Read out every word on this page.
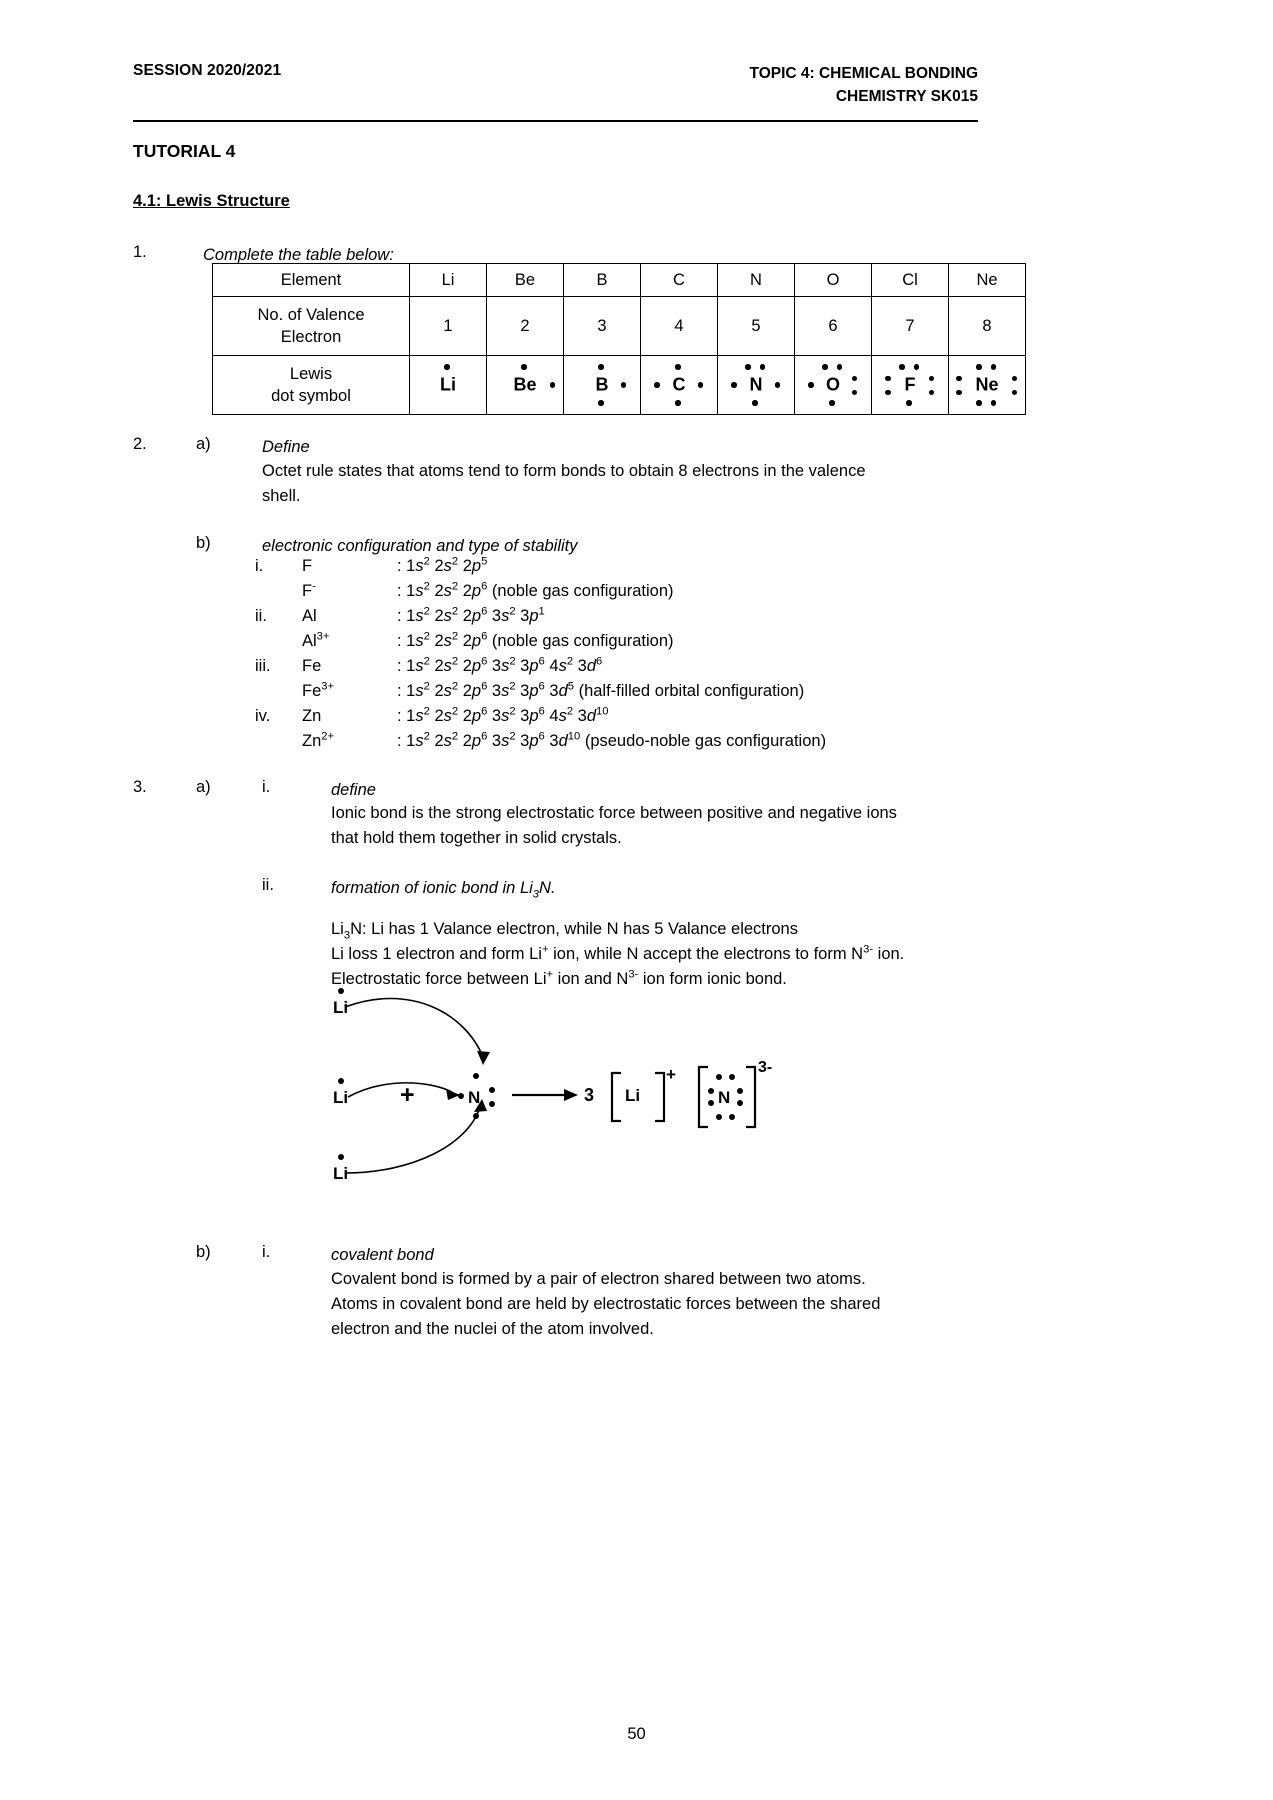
SESSION 2020/2021	TOPIC 4: CHEMICAL BONDING
CHEMISTRY SK015
TUTORIAL 4
4.1: Lewis Structure
1.	Complete the table below:
Element	Li	Be	B	C	N	O	Cl	Ne

No. of Valence
Electron	1	2	3	4	5	6	7	8

Lewis
dot symbol	Li	Be	B	C	N	O	F	Ne
2.	a)	Define
Octet rule states that atoms tend to form bonds to obtain 8 electrons in the valence
shell.
b)	electronic configuration and type of stability
i.	F	: $1s^2$ $2s^2$ $2p^5$
F-	: $1s^2$ $2s^2$ $2p^6$ (noble gas configuration)
ii.	Al	: $1s^2$ $2s^2$ $2p^6$ $3s^2$ $3p^1$
$Al^{3+}$	: $1s^2$ $2s^2$ $2p^6$ (noble gas configuration)
iii.	Fe	: $1s^2$ $2s^2$ $2p^6$ $3s^2$ $3p^6$ $4s^2$ $3d^6$
$Fe^{3+}$	: $1s^2$ $2s^2$ $2p^6$ $3s^2$ $3p^6$ $3d^5$ (half-filled orbital configuration)
iv.	Zn	: $1s^2$ $2s^2$ $2p^6$ $3s^2$ $3p^6$ $4s^2$ $3d^{10}$
$Zn^{2+}$	: $1s^2$ $2s^2$ $2p^6$ $3s^2$ $3p^6$ $3d^{10}$ (pseudo-noble gas configuration)
3.	a)	i.	define
Ionic bond is the strong electrostatic force between positive and negative ions
that hold them together in solid crystals.
ii.	formation of ionic bond in $Li_3N$.
$Li_3N$: Li has 1 Valance electron, while N has 5 Valance electrons
Li loss 1 electron and form Li+ ion, while N accept the electrons to form $N^{3-}$ ion.
Electrostatic force between Li+ ion and $N^{3-}$ ion form ionic bond.
Li
Li
Li
+	N	3 Li
+
N
3-
b)	i.	covalent bond
Covalent bond is formed by a pair of electron shared between two atoms.
Atoms in covalent bond are held by electrostatic forces between the shared
electron and the nuclei of the atom involved.
50
